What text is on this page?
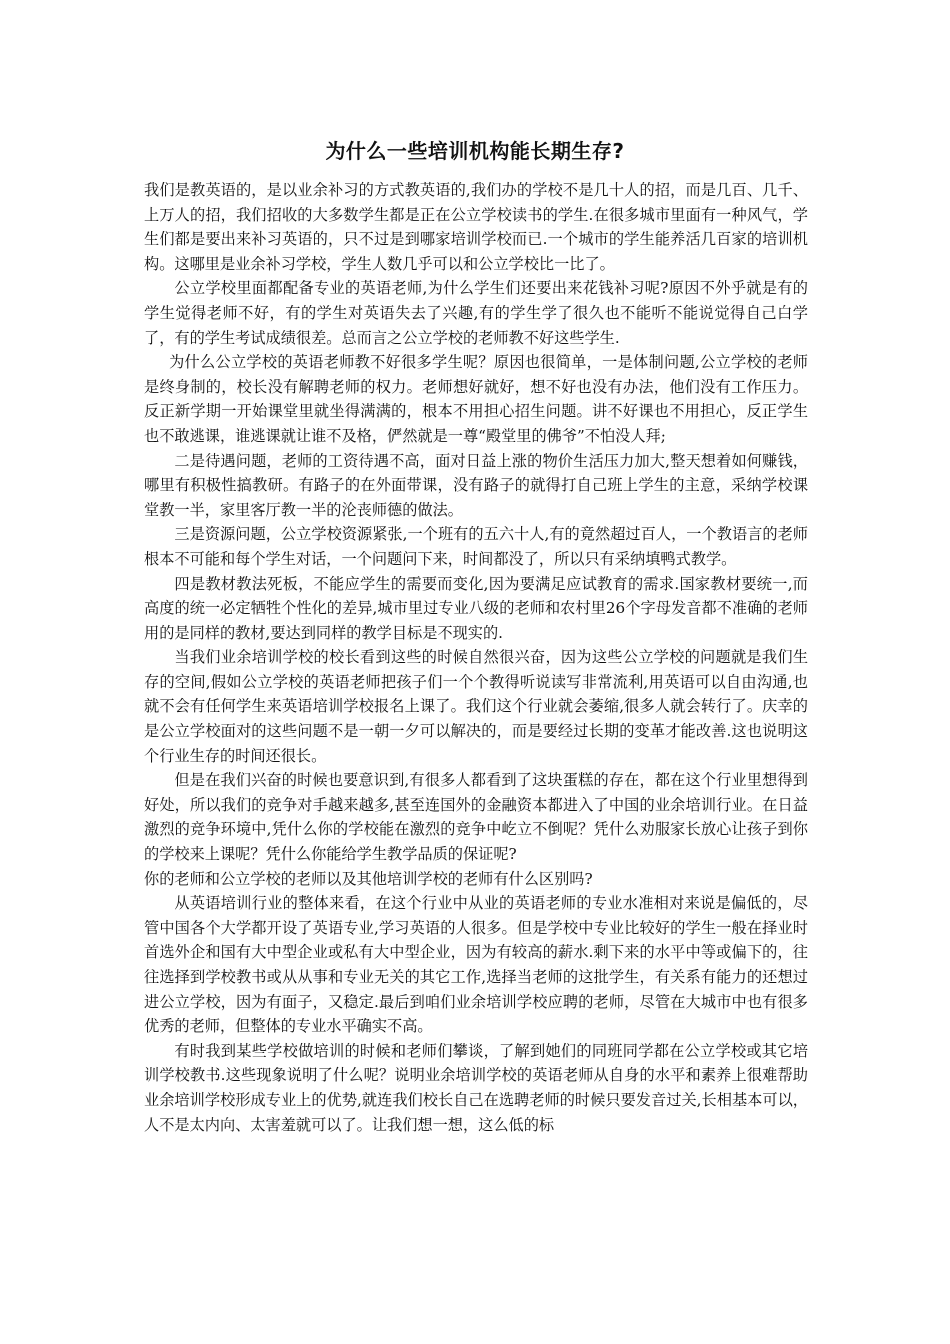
为什么一些培训机构能长期生存?

我们是教英语的，是以业余补习的方式教英语的,我们办的学校不是几十人的招，而是几百、几千、上万人的招，我们招收的大多数学生都是正在公立学校读书的学生.在很多城市里面有一种风气，学生们都是要出来补习英语的，只不过是到哪家培训学校而已.一个城市的学生能养活几百家的培训机构。这哪里是业余补习学校，学生人数几乎可以和公立学校比一比了。

公立学校里面都配备专业的英语老师,为什么学生们还要出来花钱补习呢?原因不外乎就是有的学生觉得老师不好，有的学生对英语失去了兴趣,有的学生学了很久也不能听不能说觉得自己白学了，有的学生考试成绩很差。总而言之公立学校的老师教不好这些学生.

为什么公立学校的英语老师教不好很多学生呢？原因也很简单，一是体制问题,公立学校的老师是终身制的，校长没有解聘老师的权力。老师想好就好，想不好也没有办法，他们没有工作压力。反正新学期一开始课堂里就坐得满满的，根本不用担心招生问题。讲不好课也不用担心，反正学生也不敢逃课，谁逃课就让谁不及格，俨然就是一尊“殿堂里的佛爷”不怕没人拜;

二是待遇问题，老师的工资待遇不高，面对日益上涨的物价生活压力加大,整天想着如何赚钱，哪里有积极性搞教研。有路子的在外面带课，没有路子的就得打自己班上学生的主意，采纳学校课堂教一半，家里客厅教一半的沦丧师德的做法。

三是资源问题，公立学校资源紧张,一个班有的五六十人,有的竟然超过百人，一个教语言的老师根本不可能和每个学生对话，一个问题问下来，时间都没了，所以只有采纳填鸭式教学。

四是教材教法死板，不能应学生的需要而变化,因为要满足应试教育的需求.国家教材要统一,而高度的统一必定牺牲个性化的差异,城市里过专业八级的老师和农村里26个字母发音都不准确的老师用的是同样的教材,要达到同样的教学目标是不现实的.

当我们业余培训学校的校长看到这些的时候自然很兴奋，因为这些公立学校的问题就是我们生存的空间,假如公立学校的英语老师把孩子们一个个教得听说读写非常流利,用英语可以自由沟通,也就不会有任何学生来英语培训学校报名上课了。我们这个行业就会萎缩,很多人就会转行了。庆幸的是公立学校面对的这些问题不是一朝一夕可以解决的，而是要经过长期的变革才能改善.这也说明这个行业生存的时间还很长。

但是在我们兴奋的时候也要意识到,有很多人都看到了这块蛋糕的存在，都在这个行业里想得到好处，所以我们的竞争对手越来越多,甚至连国外的金融资本都进入了中国的业余培训行业。在日益激烈的竞争环境中,凭什么你的学校能在激烈的竞争中屹立不倒呢？凭什么劝服家长放心让孩子到你的学校来上课呢？凭什么你能给学生教学品质的保证呢?

你的老师和公立学校的老师以及其他培训学校的老师有什么区别吗?

从英语培训行业的整体来看，在这个行业中从业的英语老师的专业水准相对来说是偏低的，尽管中国各个大学都开设了英语专业,学习英语的人很多。但是学校中专业比较好的学生一般在择业时首选外企和国有大中型企业或私有大中型企业，因为有较高的薪水.剩下来的水平中等或偏下的，往往选择到学校教书或从从事和专业无关的其它工作,选择当老师的这批学生，有关系有能力的还想过进公立学校，因为有面子，又稳定.最后到咱们业余培训学校应聘的老师，尽管在大城市中也有很多优秀的老师，但整体的专业水平确实不高。

有时我到某些学校做培训的时候和老师们攀谈，了解到她们的同班同学都在公立学校或其它培训学校教书.这些现象说明了什么呢？说明业余培训学校的英语老师从自身的水平和素养上很难帮助业余培训学校形成专业上的优势,就连我们校长自己在选聘老师的时候只要发音过关,长相基本可以，人不是太内向、太害羞就可以了。让我们想一想，这么低的标
